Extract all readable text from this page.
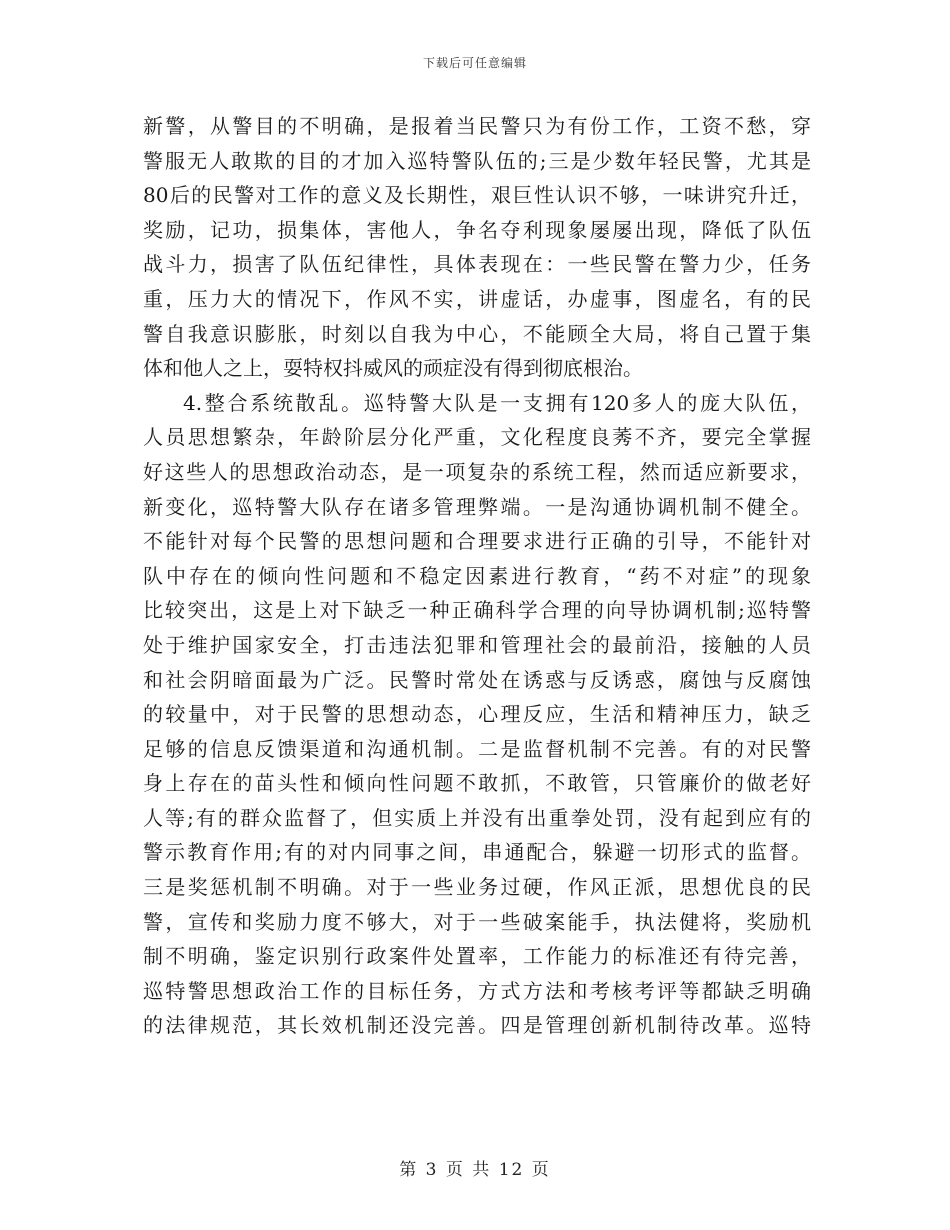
下载后可任意编辑
新警，从警目的不明确，是报着当民警只为有份工作，工资不愁，穿
警服无人敢欺的目的才加入巡特警队伍的;三是少数年轻民警，尤其是
80后的民警对工作的意义及长期性，艰巨性认识不够，一味讲究升迁，
奖励，记功，损集体，害他人，争名夺利现象屡屡出现，降低了队伍
战斗力，损害了队伍纪律性，具体表现在：一些民警在警力少，任务
重，压力大的情况下，作风不实，讲虚话，办虚事，图虚名，有的民
警自我意识膨胀，时刻以自我为中心，不能顾全大局，将自己置于集
体和他人之上，耍特权抖威风的顽症没有得到彻底根治。
4.整合系统散乱。巡特警大队是一支拥有120多人的庞大队伍，
人员思想繁杂，年龄阶层分化严重，文化程度良莠不齐，要完全掌握
好这些人的思想政治动态，是一项复杂的系统工程，然而适应新要求，
新变化，巡特警大队存在诸多管理弊端。一是沟通协调机制不健全。
不能针对每个民警的思想问题和合理要求进行正确的引导，不能针对
队中存在的倾向性问题和不稳定因素进行教育，“药不对症”的现象
比较突出，这是上对下缺乏一种正确科学合理的向导协调机制;巡特警
处于维护国家安全，打击违法犯罪和管理社会的最前沿，接触的人员
和社会阴暗面最为广泛。民警时常处在诱惑与反诱惑，腐蚀与反腐蚀
的较量中，对于民警的思想动态，心理反应，生活和精神压力，缺乏
足够的信息反馈渠道和沟通机制。二是监督机制不完善。有的对民警
身上存在的苗头性和倾向性问题不敢抓，不敢管，只管廉价的做老好
人等;有的群众监督了，但实质上并没有出重拳处罚，没有起到应有的
警示教育作用;有的对内同事之间，串通配合，躲避一切形式的监督。
三是奖惩机制不明确。对于一些业务过硬，作风正派，思想优良的民
警，宣传和奖励力度不够大，对于一些破案能手，执法健将，奖励机
制不明确，鉴定识别行政案件处置率，工作能力的标准还有待完善，
巡特警思想政治工作的目标任务，方式方法和考核考评等都缺乏明确
的法律规范，其长效机制还没完善。四是管理创新机制待改革。巡特
第 3 页 共 12 页
